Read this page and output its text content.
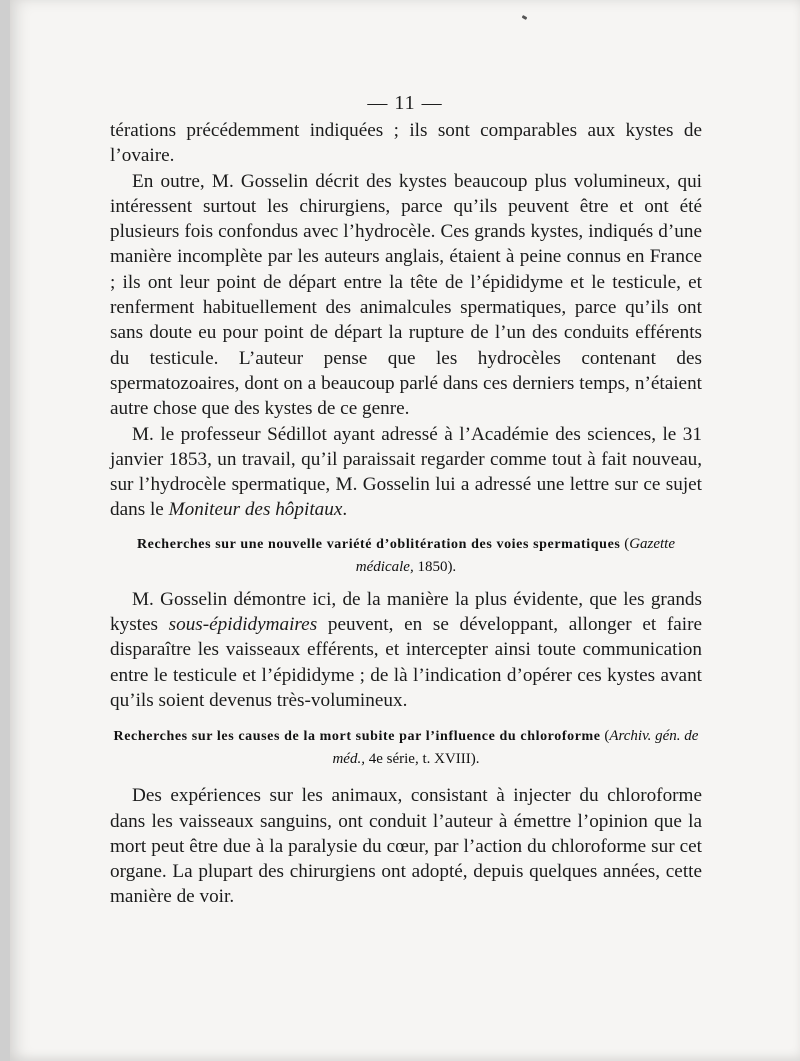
— 11 —

térations précédemment indiquées ; ils sont comparables aux kystes de l’ovaire.

En outre, M. Gosselin décrit des kystes beaucoup plus volumineux, qui intéressent surtout les chirurgiens, parce qu’ils peuvent être et ont été plusieurs fois confondus avec l’hydrocèle. Ces grands kystes, indiqués d’une manière incomplète par les auteurs anglais, étaient à peine connus en France ; ils ont leur point de départ entre la tête de l’épididyme et le testicule, et renferment habituellement des animalcules spermatiques, parce qu’ils ont sans doute eu pour point de départ la rupture de l’un des conduits efférents du testicule. L’auteur pense que les hydrocèles contenant des spermatozoaires, dont on a beaucoup parlé dans ces derniers temps, n’étaient autre chose que des kystes de ce genre.

M. le professeur Sédillot ayant adressé à l’Académie des sciences, le 31 janvier 1853, un travail, qu’il paraissait regarder comme tout à fait nouveau, sur l’hydrocèle spermatique, M. Gosselin lui a adressé une lettre sur ce sujet dans le Moniteur des hôpitaux.

Recherches sur une nouvelle variété d’oblitération des voies spermatiques (Gazette médicale, 1850).

M. Gosselin démontre ici, de la manière la plus évidente, que les grands kystes sous-épididymaires peuvent, en se développant, allonger et faire disparaître les vaisseaux efférents, et intercepter ainsi toute communication entre le testicule et l’épididyme ; de là l’indication d’opérer ces kystes avant qu’ils soient devenus très-volumineux.

Recherches sur les causes de la mort subite par l’influence du chloroforme (Archiv. gén. de méd., 4e série, t. XVIII).

Des expériences sur les animaux, consistant à injecter du chloroforme dans les vaisseaux sanguins, ont conduit l’auteur à émettre l’opinion que la mort peut être due à la paralysie du cœur, par l’action du chloroforme sur cet organe. La plupart des chirurgiens ont adopté, depuis quelques années, cette manière de voir.
